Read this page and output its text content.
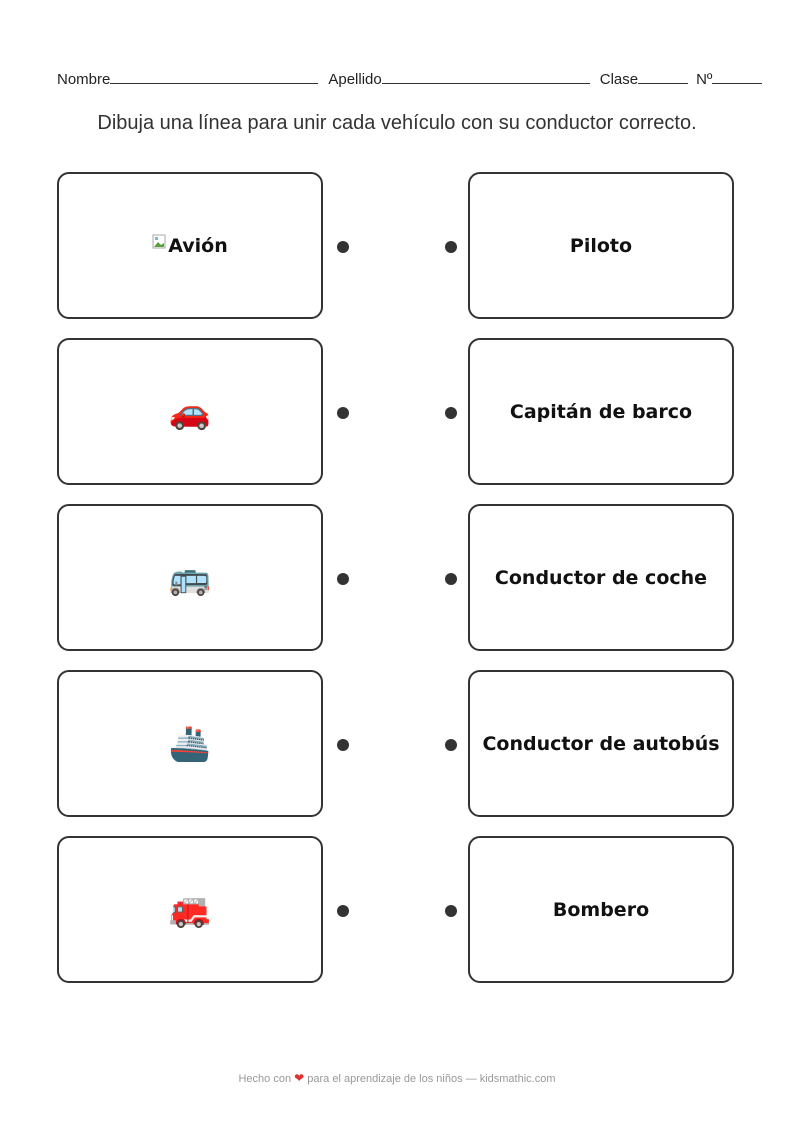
Nombre	Apellido	Clase	Nº
Dibuja una línea para unir cada vehículo con su conductor correcto.
Avión	Piloto
🚗	Capitán de barco
🚌	Conductor de coche
🚢	Conductor de autobús
🚒	Bombero
Hecho con ❤ para el aprendizaje de los niños — kidsmathic.com
